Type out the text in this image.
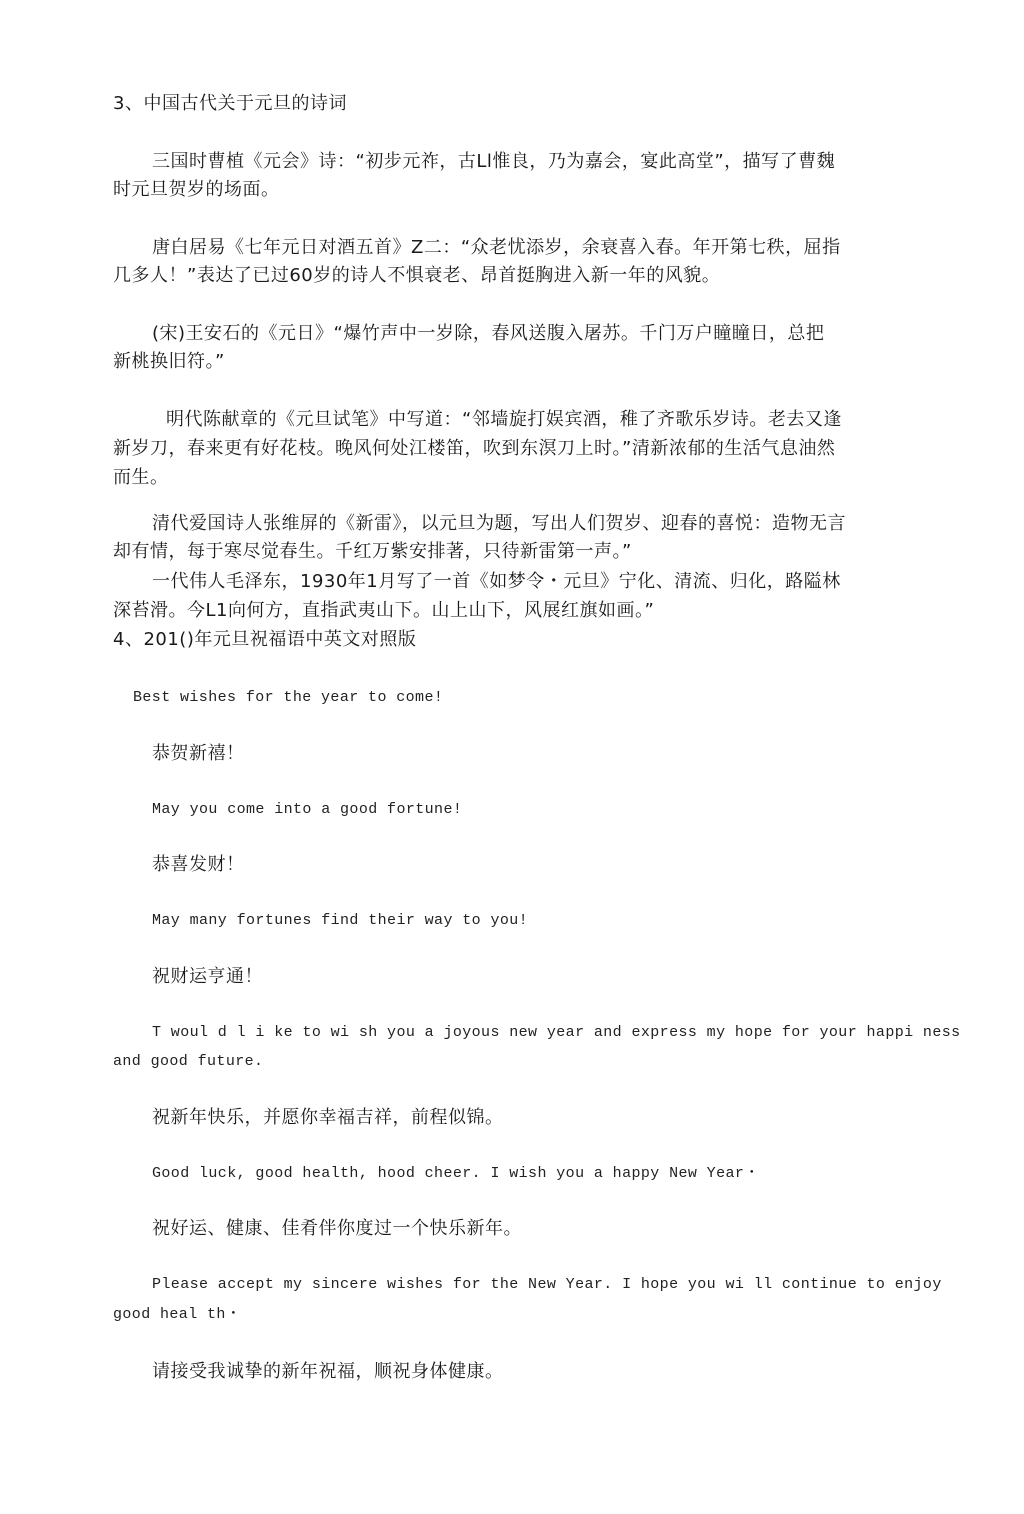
3、中国古代关于元旦的诗词
三国时曹植《元会》诗：“初步元祚，古Ll惟良，乃为嘉会，宴此高堂”，描写了曹魏
时元旦贺岁的场面。
唐白居易《七年元日对酒五首》Z二：“众老忧添岁，余衰喜入春。年开第七秩，屈指
几多人！”表达了已过60岁的诗人不惧衰老、昂首挺胸进入新一年的风貌。
(宋)王安石的《元日》“爆竹声中一岁除，春风送腹入屠苏。千门万户瞳瞳日，总把
新桃换旧符。”
明代陈献章的《元旦试笔》中写道：“邻墙旋打娱宾酒，稚了齐歌乐岁诗。老去又逢
新岁刀，春来更有好花枝。晚风何处江楼笛，吹到东溟刀上时。”清新浓郁的生活气息油然
而生。
清代爱国诗人张维屏的《新雷》，以元旦为题，写出人们贺岁、迎春的喜悦：造物无言
却有情，每于寒尽觉春生。千红万紫安排著，只待新雷第一声。”
一代伟人毛泽东，1930年1月写了一首《如梦令・元旦》宁化、清流、归化，路隘林
深苔滑。今L1向何方，直指武夷山下。山上山下，风展红旗如画。”
4、201()年元旦祝福语中英文对照版
Best wishes for the year to come!
恭贺新禧！
May you come into a good fortune!
恭喜发财！
May many fortunes find their way to you!
祝财运亨通！
T woul d l i ke to wi sh you a joyous new year and express my hope for your happi ness
and good future.
祝新年快乐，并愿你幸福吉祥，前程似锦。
Good luck, good health, hood cheer. I wish you a happy New Year・
祝好运、健康、佳肴伴你度过一个快乐新年。
Please accept my sincere wishes for the New Year. I hope you wi ll continue to enjoy
good heal th・
请接受我诚挚的新年祝福，顺祝身体健康。
